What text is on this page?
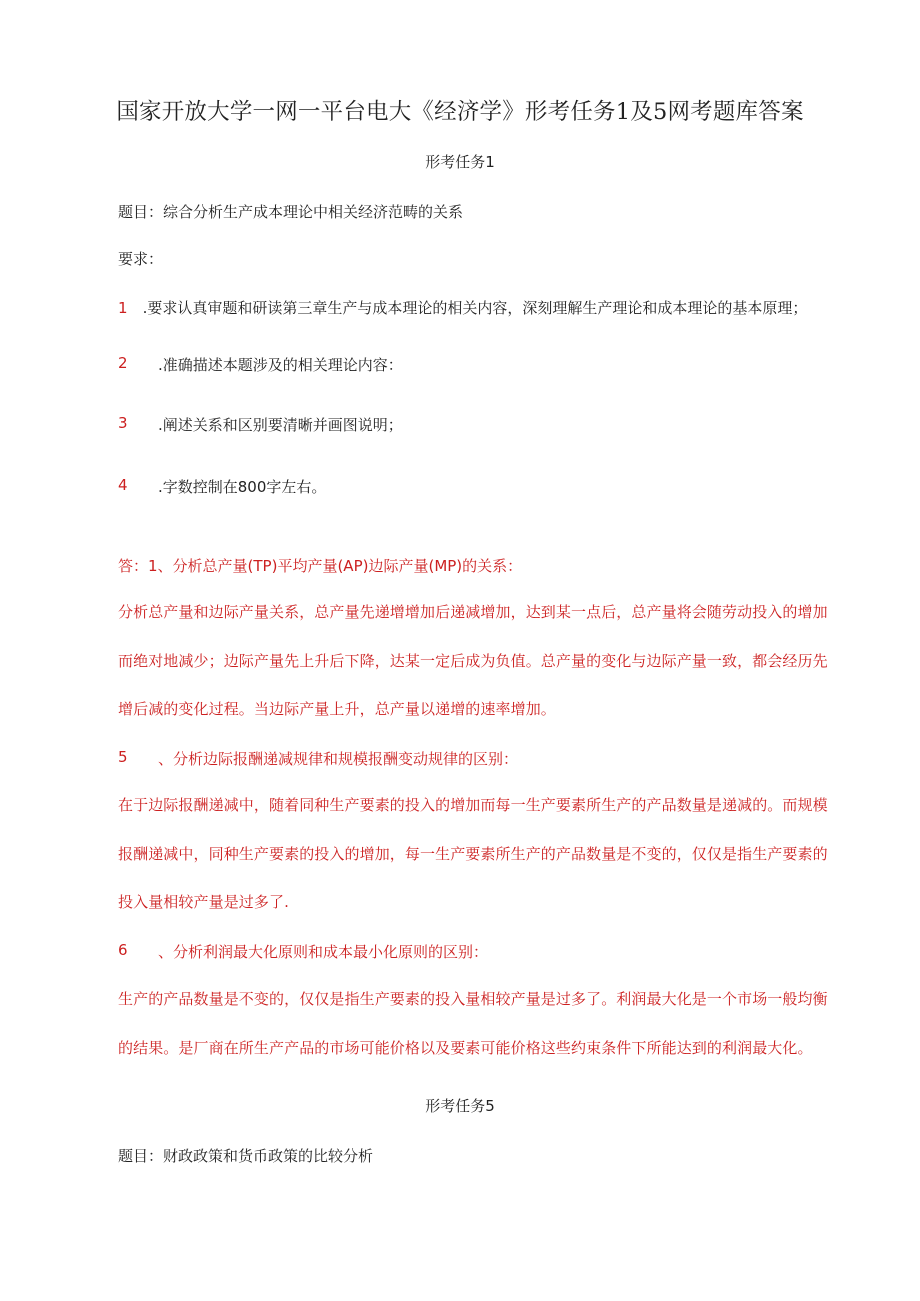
国家开放大学一网一平台电大《经济学》形考任务1及5网考题库答案
形考任务1
题目：综合分析生产成本理论中相关经济范畴的关系
要求：
1 .要求认真审题和研读第三章生产与成本理论的相关内容，深刻理解生产理论和成本理论的基本原理；
2 .准确描述本题涉及的相关理论内容：
3 .阐述关系和区别要清晰并画图说明；
4 .字数控制在800字左右。
答：1、分析总产量(TP)平均产量(AP)边际产量(MP)的关系：
分析总产量和边际产量关系，总产量先递增增加后递减增加，达到某一点后，总产量将会随劳动投入的增加而绝对地减少；边际产量先上升后下降，达某一定后成为负值。总产量的变化与边际产量一致，都会经历先增后减的变化过程。当边际产量上升，总产量以递增的速率增加。
5 、分析边际报酬递减规律和规模报酬变动规律的区别：
在于边际报酬递减中，随着同种生产要素的投入的增加而每一生产要素所生产的产品数量是递减的。而规模报酬递减中，同种生产要素的投入的增加，每一生产要素所生产的产品数量是不变的，仅仅是指生产要素的投入量相较产量是过多了.
6 、分析利润最大化原则和成本最小化原则的区别：
生产的产品数量是不变的，仅仅是指生产要素的投入量相较产量是过多了。利润最大化是一个市场一般均衡的结果。是厂商在所生产产品的市场可能价格以及要素可能价格这些约束条件下所能达到的利润最大化。
形考任务5
题目：财政政策和货币政策的比较分析
